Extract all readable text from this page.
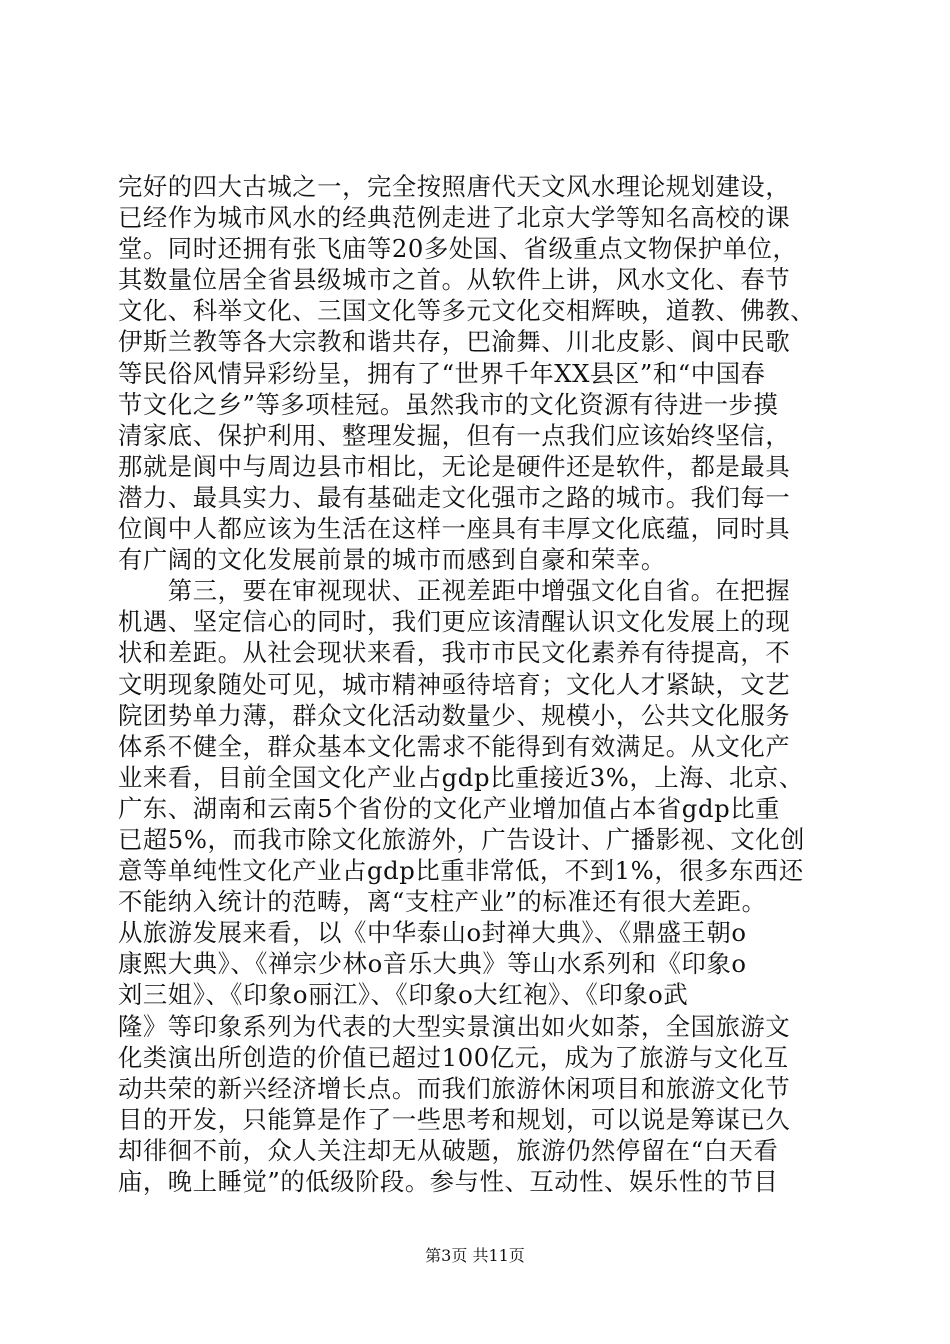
完好的四大古城之一，完全按照唐代天文风水理论规划建设，
已经作为城市风水的经典范例走进了北京大学等知名高校的课
堂。同时还拥有张飞庙等20多处国、省级重点文物保护单位，
其数量位居全省县级城市之首。从软件上讲，风水文化、春节
文化、科举文化、三国文化等多元文化交相辉映，道教、佛教、
伊斯兰教等各大宗教和谐共存，巴渝舞、川北皮影、阆中民歌
等民俗风情异彩纷呈，拥有了“世界千年XX县区”和“中国春
节文化之乡”等多项桂冠。虽然我市的文化资源有待进一步摸
清家底、保护利用、整理发掘，但有一点我们应该始终坚信，
那就是阆中与周边县市相比，无论是硬件还是软件，都是最具
潜力、最具实力、最有基础走文化强市之路的城市。我们每一
位阆中人都应该为生活在这样一座具有丰厚文化底蕴，同时具
有广阔的文化发展前景的城市而感到自豪和荣幸。
　　第三，要在审视现状、正视差距中增强文化自省。在把握
机遇、坚定信心的同时，我们更应该清醒认识文化发展上的现
状和差距。从社会现状来看，我市市民文化素养有待提高，不
文明现象随处可见，城市精神亟待培育；文化人才紧缺，文艺
院团势单力薄，群众文化活动数量少、规模小，公共文化服务
体系不健全，群众基本文化需求不能得到有效满足。从文化产
业来看，目前全国文化产业占gdp比重接近3%，上海、北京、
广东、湖南和云南5个省份的文化产业增加值占本省gdp比重
已超5%，而我市除文化旅游外，广告设计、广播影视、文化创
意等单纯性文化产业占gdp比重非常低，不到1%，很多东西还
不能纳入统计的范畴，离“支柱产业”的标准还有很大差距。
从旅游发展来看，以《中华泰山o封禅大典》、《鼎盛王朝o
康熙大典》、《禅宗少林o音乐大典》等山水系列和《印象o
刘三姐》、《印象o丽江》、《印象o大红袍》、《印象o武
隆》等印象系列为代表的大型实景演出如火如荼，全国旅游文
化类演出所创造的价值已超过100亿元，成为了旅游与文化互
动共荣的新兴经济增长点。而我们旅游休闲项目和旅游文化节
目的开发，只能算是作了一些思考和规划，可以说是筹谋已久
却徘徊不前，众人关注却无从破题，旅游仍然停留在“白天看
庙，晚上睡觉”的低级阶段。参与性、互动性、娱乐性的节目
第3页 共11页
